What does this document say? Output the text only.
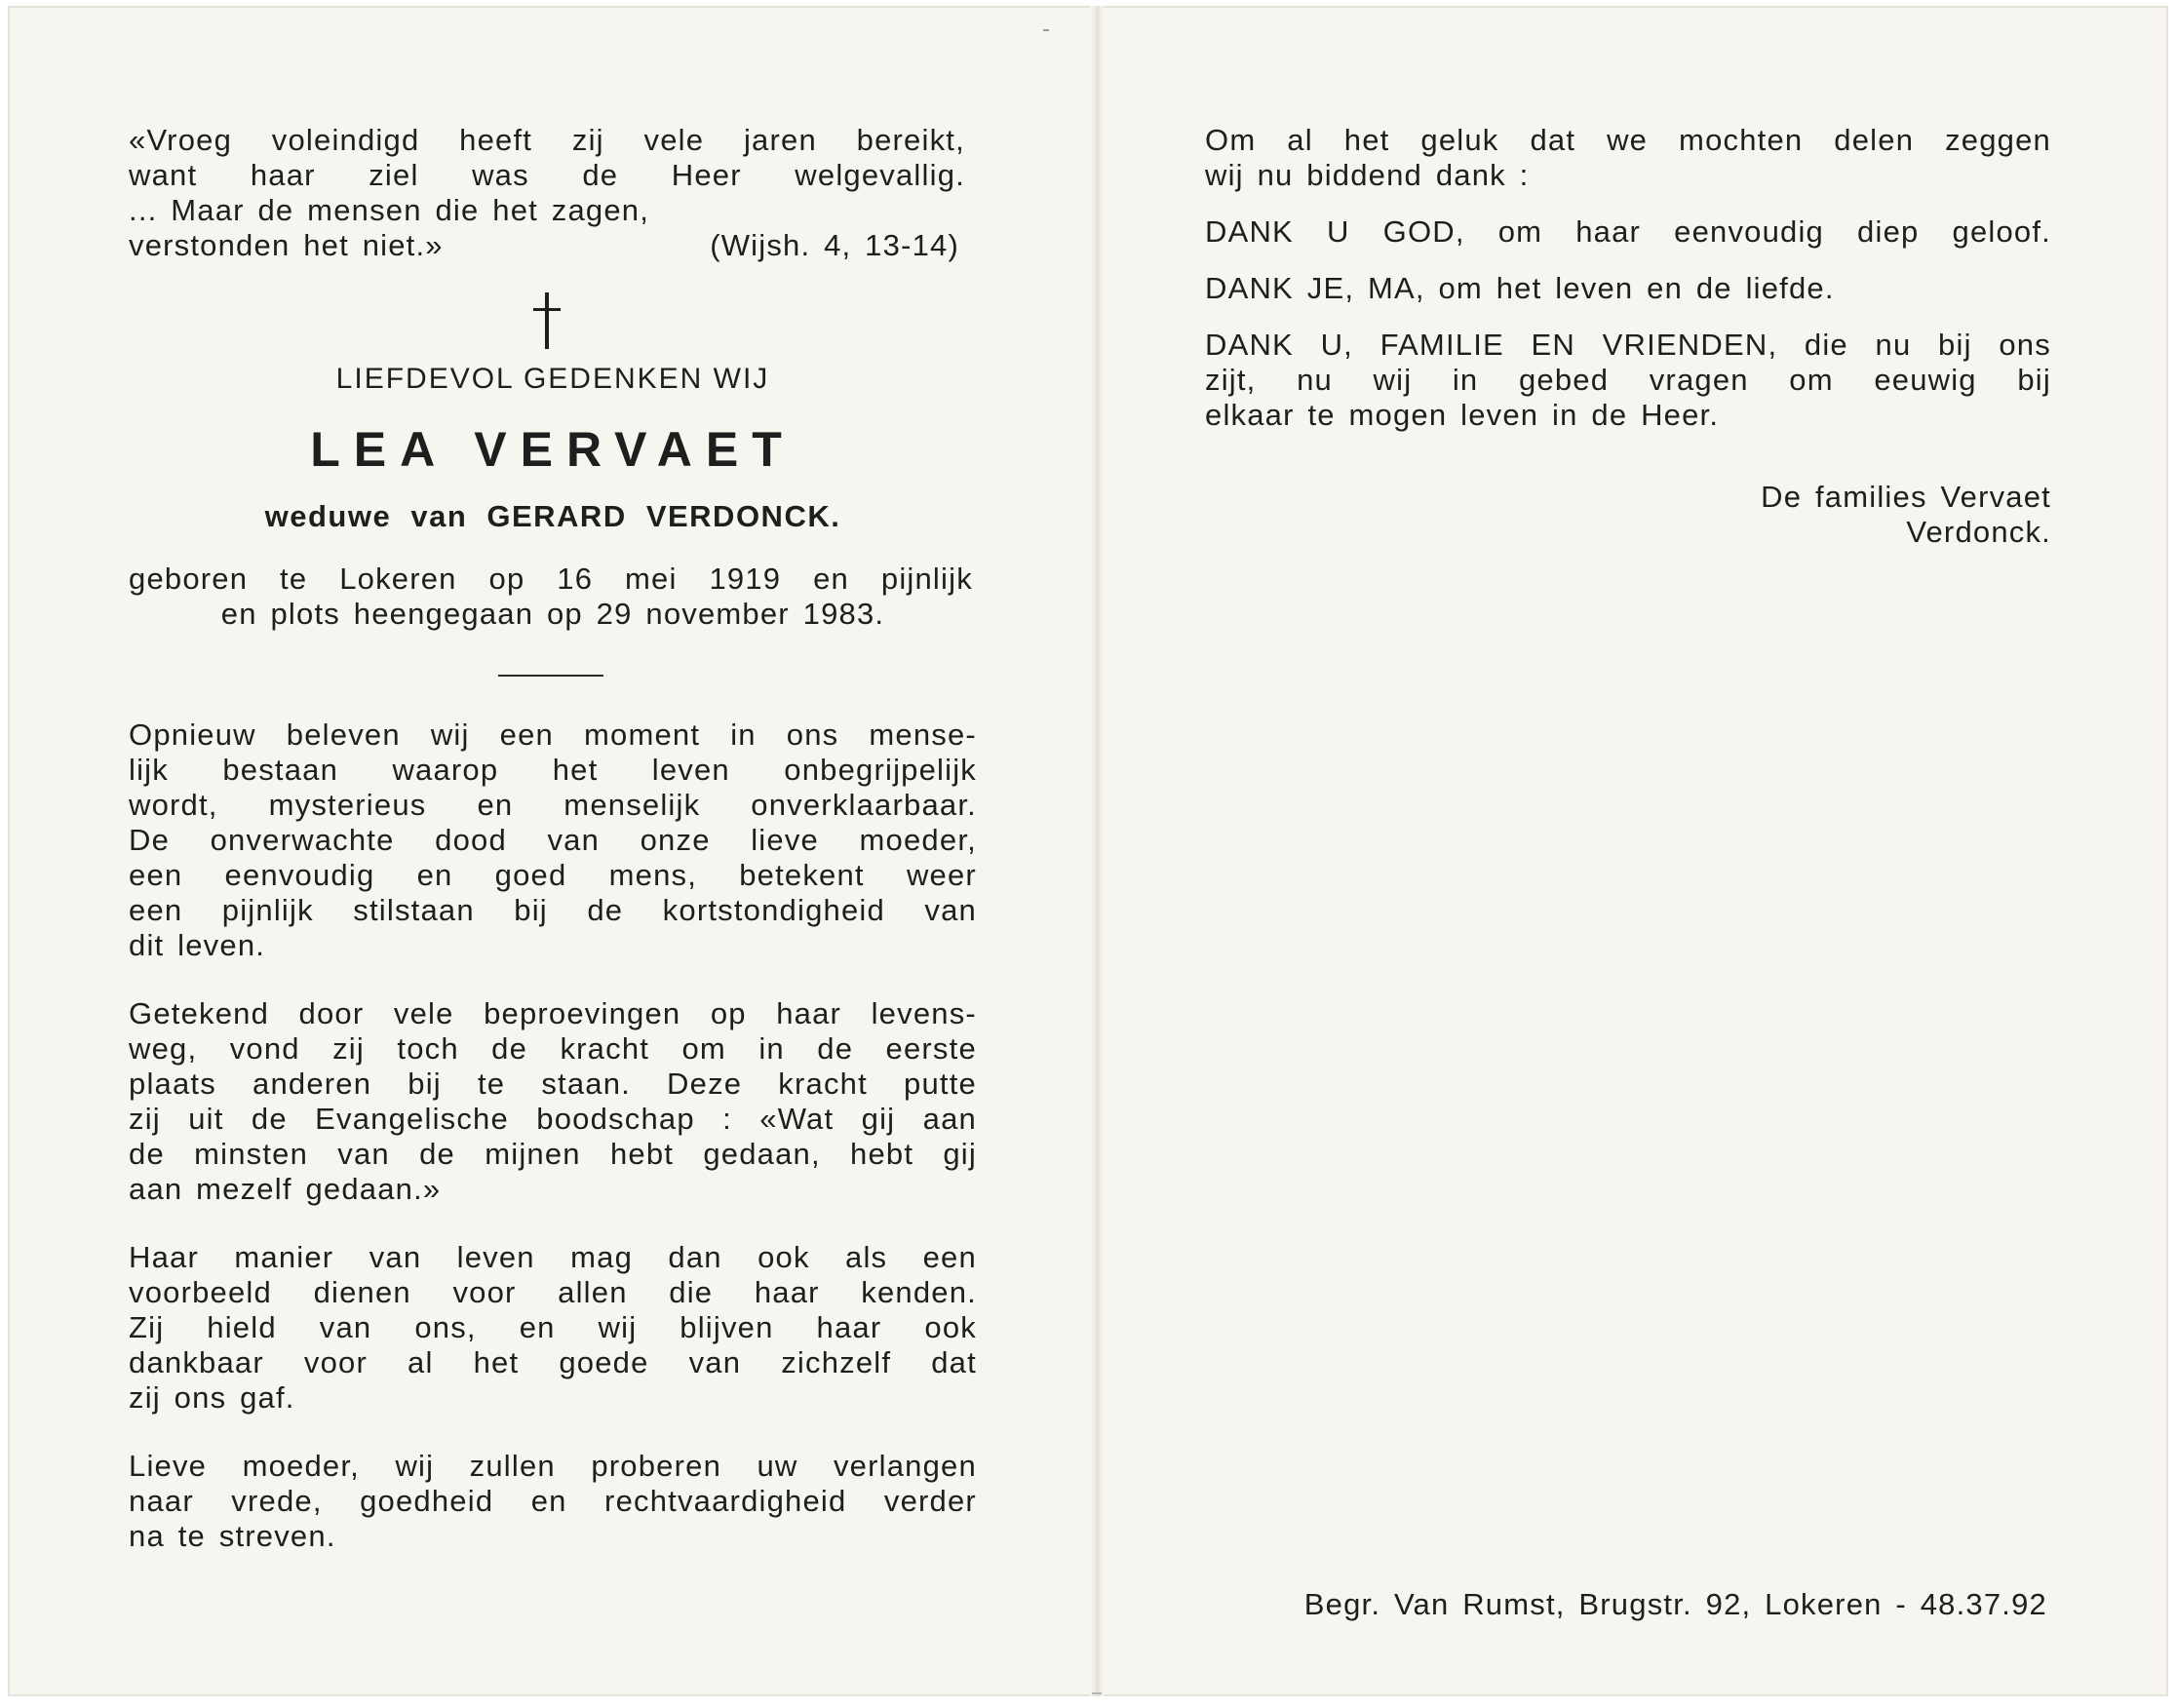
«Vroeg voleindigd heeft zij vele jaren bereikt,
want haar ziel was de Heer welgevallig.
... Maar de mensen die het zagen,
verstonden het niet.»	(Wijsh. 4, 13-14)
LIEFDEVOL GEDENKEN WIJ
LEA VERVAET
weduwe van GERARD VERDONCK.
geboren te Lokeren op 16 mei 1919 en pijnlijk
en plots heengegaan op 29 november 1983.
Opnieuw beleven wij een moment in ons mense-
lijk bestaan waarop het leven onbegrijpelijk
wordt, mysterieus en menselijk onverklaarbaar.
De onverwachte dood van onze lieve moeder,
een eenvoudig en goed mens, betekent weer
een pijnlijk stilstaan bij de kortstondigheid van
dit leven.
Getekend door vele beproevingen op haar levens-
weg, vond zij toch de kracht om in de eerste
plaats anderen bij te staan. Deze kracht putte
zij uit de Evangelische boodschap : «Wat gij aan
de minsten van de mijnen hebt gedaan, hebt gij
aan mezelf gedaan.»
Haar manier van leven mag dan ook als een
voorbeeld dienen voor allen die haar kenden.
Zij hield van ons, en wij blijven haar ook
dankbaar voor al het goede van zichzelf dat
zij ons gaf.
Lieve moeder, wij zullen proberen uw verlangen
naar vrede, goedheid en rechtvaardigheid verder
na te streven.
Om al het geluk dat we mochten delen zeggen
wij nu biddend dank :
DANK U GOD, om haar eenvoudig diep geloof.
DANK JE, MA, om het leven en de liefde.
DANK U, FAMILIE EN VRIENDEN, die nu bij ons
zijt, nu wij in gebed vragen om eeuwig bij
elkaar te mogen leven in de Heer.
De families Vervaet
Verdonck.
Begr. Van Rumst, Brugstr. 92, Lokeren - 48.37.92
